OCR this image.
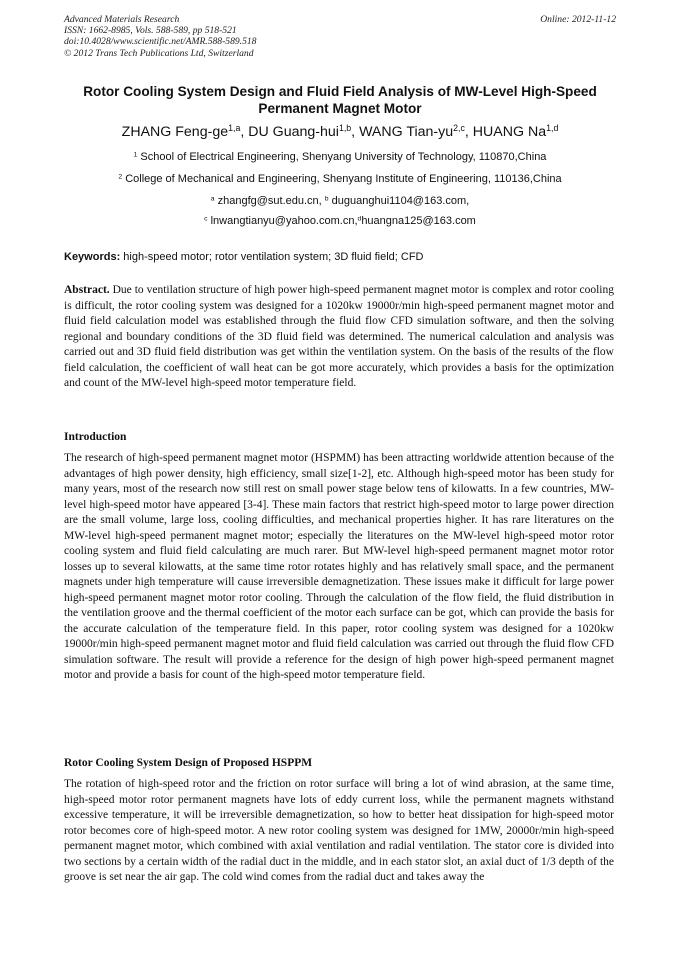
Advanced Materials Research
ISSN: 1662-8985, Vols. 588-589, pp 518-521
doi:10.4028/www.scientific.net/AMR.588-589.518
© 2012 Trans Tech Publications Ltd, Switzerland
Online: 2012-11-12
Rotor Cooling System Design and Fluid Field Analysis of MW-Level High-Speed Permanent Magnet Motor
ZHANG Feng-ge$^{1,a}$, DU Guang-hui$^{1,b}$, WANG Tian-yu$^{2,c}$, HUANG Na$^{1,d}$
$^1$ School of Electrical Engineering, Shenyang University of Technology, 110870,China
$^2$ College of Mechanical and Engineering, Shenyang Institute of Engineering, 110136,China
$^a$ zhangfg@sut.edu.cn, $^b$ duguanghui1104@163.com,
$^c$ lnwangtianyu@yahoo.com.cn,$^d$huangna125@163.com
Keywords: high-speed motor; rotor ventilation system; 3D fluid field; CFD
Abstract. Due to ventilation structure of high power high-speed permanent magnet motor is complex and rotor cooling is difficult, the rotor cooling system was designed for a 1020kw 19000r/min high-speed permanent magnet motor and fluid field calculation model was established through the fluid flow CFD simulation software, and then the solving regional and boundary conditions of the 3D fluid field was determined. The numerical calculation and analysis was carried out and 3D fluid field distribution was get within the ventilation system. On the basis of the results of the flow field calculation, the coefficient of wall heat can be got more accurately, which provides a basis for the optimization and count of the MW-level high-speed motor temperature field.
Introduction
The research of high-speed permanent magnet motor (HSPMM) has been attracting worldwide attention because of the advantages of high power density, high efficiency, small size[1-2], etc. Although high-speed motor has been study for many years, most of the research now still rest on small power stage below tens of kilowatts. In a few countries, MW-level high-speed motor have appeared [3-4]. These main factors that restrict high-speed motor to large power direction are the small volume, large loss, cooling difficulties, and mechanical properties higher. It has rare literatures on the MW-level high-speed permanent magnet motor; especially the literatures on the MW-level high-speed motor rotor cooling system and fluid field calculating are much rarer. But MW-level high-speed permanent magnet motor rotor losses up to several kilowatts, at the same time rotor rotates highly and has relatively small space, and the permanent magnets under high temperature will cause irreversible demagnetization. These issues make it difficult for large power high-speed permanent magnet motor rotor cooling. Through the calculation of the flow field, the fluid distribution in the ventilation groove and the thermal coefficient of the motor each surface can be got, which can provide the basis for the accurate calculation of the temperature field. In this paper, rotor cooling system was designed for a 1020kw 19000r/min high-speed permanent magnet motor and fluid field calculation was carried out through the fluid flow CFD simulation software. The result will provide a reference for the design of high power high-speed permanent magnet motor and provide a basis for count of the high-speed motor temperature field.
Rotor Cooling System Design of Proposed HSPPM
The rotation of high-speed rotor and the friction on rotor surface will bring a lot of wind abrasion, at the same time, high-speed motor rotor permanent magnets have lots of eddy current loss, while the permanent magnets withstand excessive temperature, it will be irreversible demagnetization, so how to better heat dissipation for high-speed motor rotor becomes core of high-speed motor. A new rotor cooling system was designed for 1MW, 20000r/min high-speed permanent magnet motor, which combined with axial ventilation and radial ventilation. The stator core is divided into two sections by a certain width of the radial duct in the middle, and in each stator slot, an axial duct of 1/3 depth of the groove is set near the air gap. The cold wind comes from the radial duct and takes away the
